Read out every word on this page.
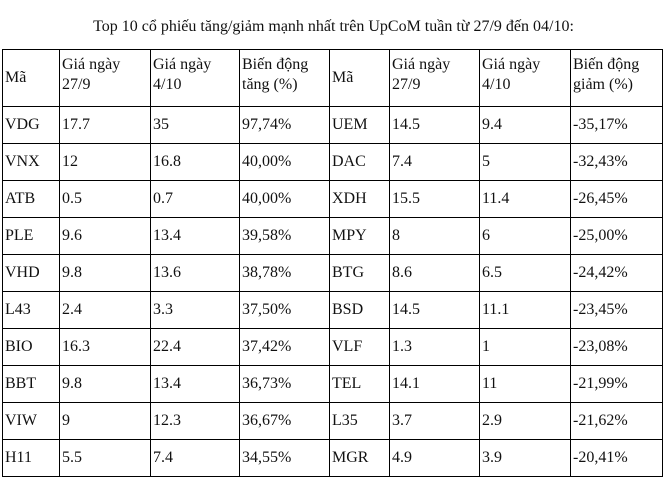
Top 10 cổ phiếu tăng/giảm mạnh nhất trên UpCoM tuần từ 27/9 đến 04/10:
Mã	Giá ngày 27/9	Giá ngày 4/10	Biến động tăng (%)	Mã	Giá ngày 27/9	Giá ngày 4/10	Biến động giảm (%)
VDG	17.7	35	97,74%	UEM	14.5	9.4	-35,17%
VNX	12	16.8	40,00%	DAC	7.4	5	-32,43%
ATB	0.5	0.7	40,00%	XDH	15.5	11.4	-26,45%
PLE	9.6	13.4	39,58%	MPY	8	6	-25,00%
VHD	9.8	13.6	38,78%	BTG	8.6	6.5	-24,42%
L43	2.4	3.3	37,50%	BSD	14.5	11.1	-23,45%
BIO	16.3	22.4	37,42%	VLF	1.3	1	-23,08%
BBT	9.8	13.4	36,73%	TEL	14.1	11	-21,99%
VIW	9	12.3	36,67%	L35	3.7	2.9	-21,62%
H11	5.5	7.4	34,55%	MGR	4.9	3.9	-20,41%
